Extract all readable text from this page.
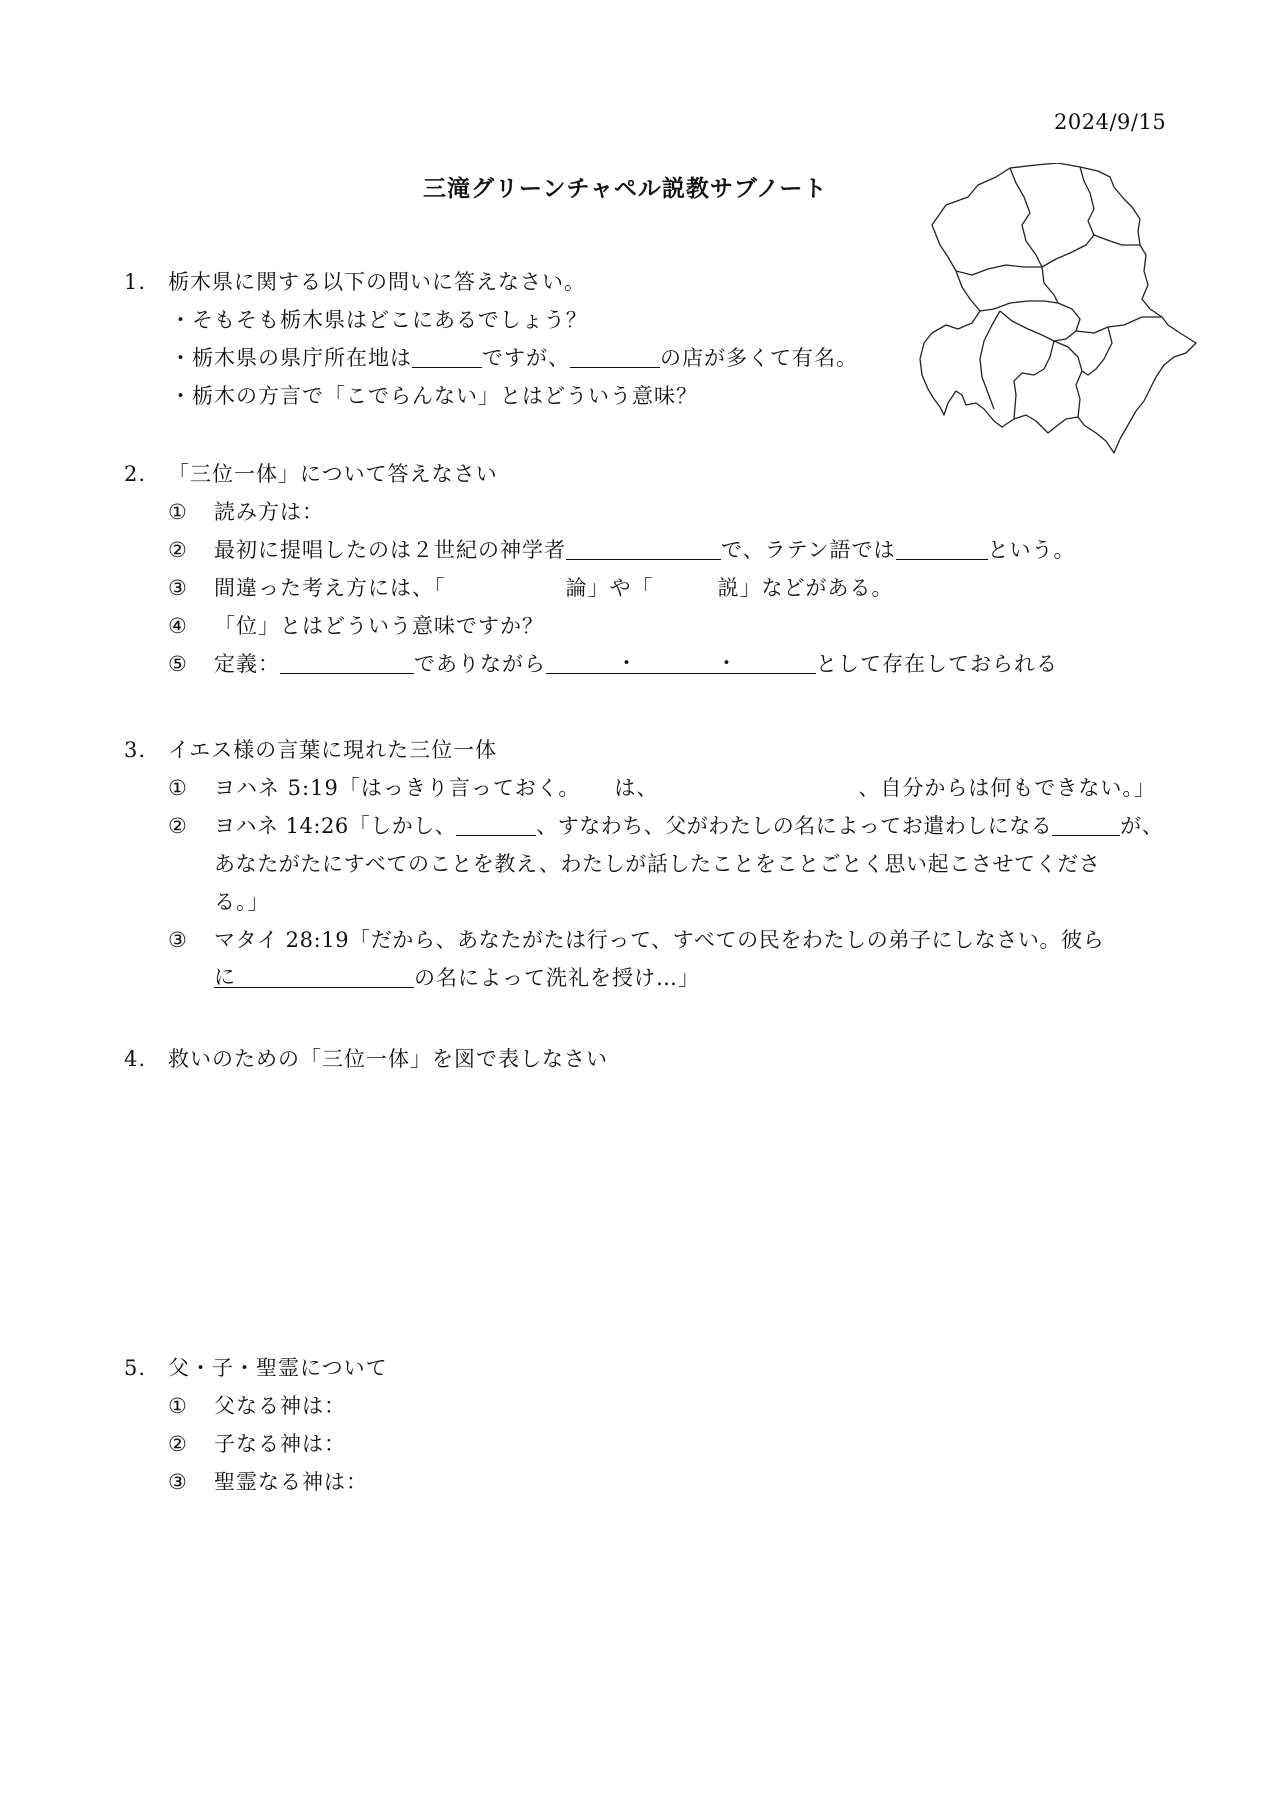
2024/9/15
三滝グリーンチャペル説教サブノート
1. 栃木県に関する以下の問いに答えなさい。
・そもそも栃木県はどこにあるでしょう？
・栃木県の県庁所在地は	ですが、	の店が多くて有名。
・栃木の方言で「こでらんない」とはどういう意味？
2. 「三位一体」について答えなさい
① 読み方は：
② 最初に提唱したのは２世紀の神学者	で、ラテン語では	という。
③ 間違った考え方には、「	論」や「	説」などがある。
④ 「位」とはどういう意味ですか？
⑤ 定義：	でありながら	・	・	として存在しておられる
3. イエス様の言葉に現れた三位一体
① ヨハネ 5:19「はっきり言っておく。 は、	、自分からは何もできない。」
② ヨハネ 14:26「しかし、	、すなわち、父がわたしの名によってお遣わしになる	が、
あなたがたにすべてのことを教え、わたしが話したことをことごとく思い起こさせてくださ
る。」
③ マタイ 28:19「だから、あなたがたは行って、すべての民をわたしの弟子にしなさい。彼ら
に	の名によって洗礼を授け…」
4. 救いのための「三位一体」を図で表しなさい
5. 父・子・聖霊について
① 父なる神は：
② 子なる神は：
③ 聖霊なる神は：
